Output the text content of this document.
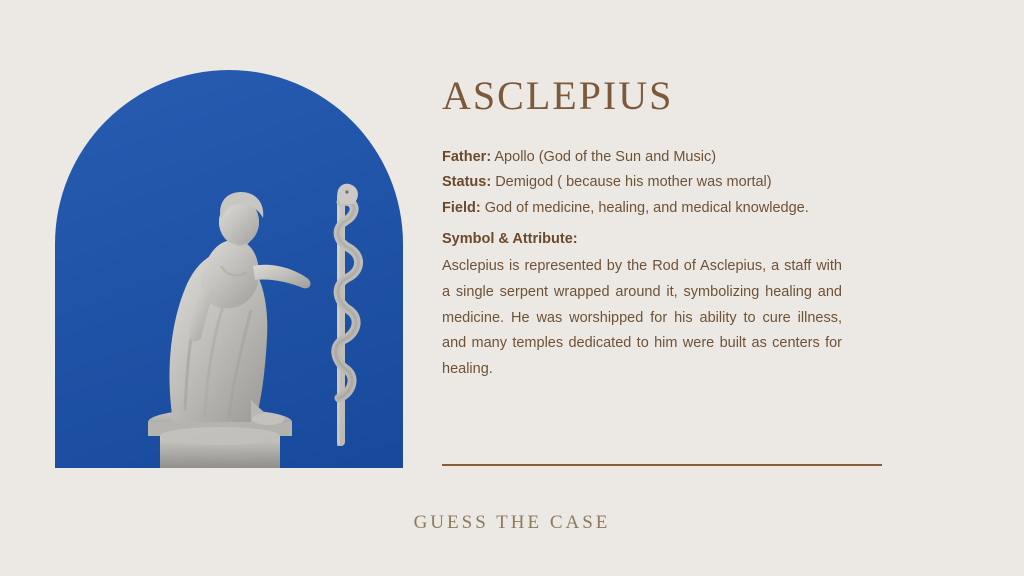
ASCLEPIUS
Father: Apollo (God of the Sun and Music)
Status: Demigod ( because his mother was mortal)
Field: God of medicine, healing, and medical knowledge.
Symbol & Attribute:

Asclepius is represented by the Rod of Asclepius, a staff with a single serpent wrapped around it, symbolizing healing and medicine. He was worshipped for his ability to cure illness, and many temples dedicated to him were built as centers for healing.

GUESS THE CASE
